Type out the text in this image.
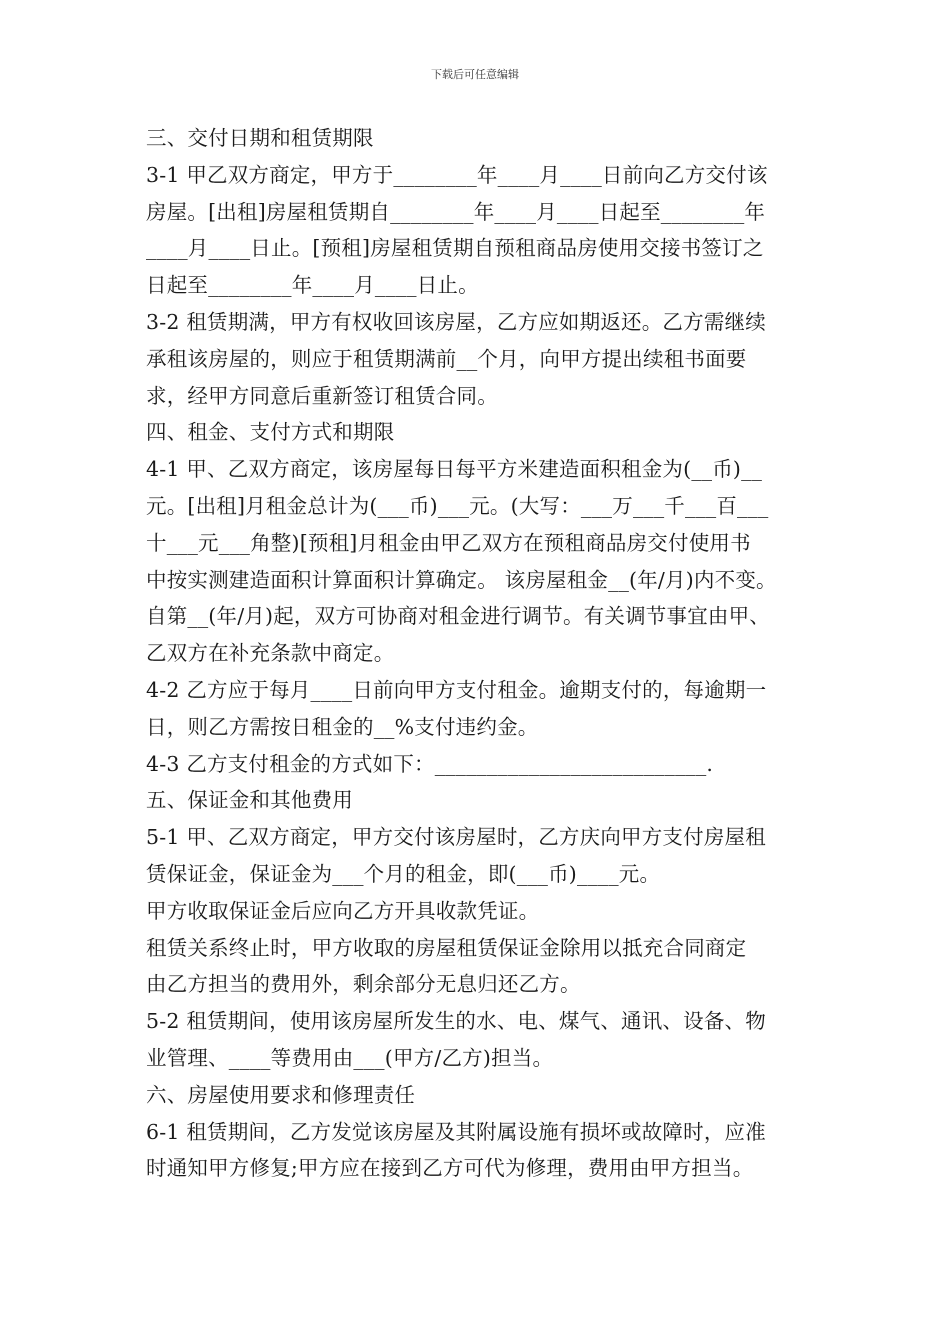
下载后可任意编辑
三、交付日期和租赁期限
3-1 甲乙双方商定，甲方于________年____月____日前向乙方交付该
房屋。[出租]房屋租赁期自________年____月____日起至________年
____月____日止。[预租]房屋租赁期自预租商品房使用交接书签订之
日起至________年____月____日止。
3-2 租赁期满，甲方有权收回该房屋，乙方应如期返还。乙方需继续
承租该房屋的，则应于租赁期满前__个月，向甲方提出续租书面要
求，经甲方同意后重新签订租赁合同。
四、租金、支付方式和期限
4-1 甲、乙双方商定，该房屋每日每平方米建造面积租金为(__币)__
元。[出租]月租金总计为(___币)___元。(大写：___万___千___百___
十___元___角整)[预租]月租金由甲乙双方在预租商品房交付使用书
中按实测建造面积计算面积计算确定。 该房屋租金__(年/月)内不变。
自第__(年/月)起，双方可协商对租金进行调节。有关调节事宜由甲、
乙双方在补充条款中商定。
4-2 乙方应于每月____日前向甲方支付租金。逾期支付的，每逾期一
日，则乙方需按日租金的__%支付违约金。
4-3 乙方支付租金的方式如下：__________________________.
五、保证金和其他费用
5-1 甲、乙双方商定，甲方交付该房屋时，乙方庆向甲方支付房屋租
赁保证金，保证金为___个月的租金，即(___币)____元。
甲方收取保证金后应向乙方开具收款凭证。
租赁关系终止时，甲方收取的房屋租赁保证金除用以抵充合同商定
由乙方担当的费用外，剩余部分无息归还乙方。
5-2 租赁期间，使用该房屋所发生的水、电、煤气、通讯、设备、物
业管理、____等费用由___(甲方/乙方)担当。
六、房屋使用要求和修理责任
6-1 租赁期间，乙方发觉该房屋及其附属设施有损坏或故障时，应准
时通知甲方修复;甲方应在接到乙方可代为修理，费用由甲方担当。
